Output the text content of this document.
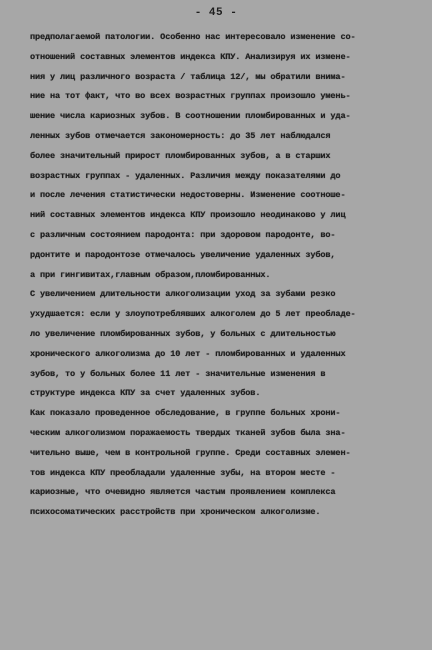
- 45 -
предполагаемой патологии. Особенно нас интересовало изменение со-
отношений составных элементов индекса КПУ. Анализируя их измене-
ния у лиц различного возраста / таблица 12/, мы обратили внима-
ние на тот факт, что во всех возрастных группах произошло умень-
шение числа кариозных зубов. В соотношении пломбированных и уда-
ленных зубов отмечается закономерность: до 35 лет наблюдался
более значительный прирост пломбированных зубов, а в старших
возрастных группах - удаленных. Различия между показателями до
и после лечения статистически недостоверны. Изменение соотноше-
ний составных элементов индекса КПУ произошло неодинаково у лиц
с различным состоянием пародонта: при здоровом пародонте, во-
рдонтите и пародонтозе отмечалось увеличение удаленных зубов,
а при гингивитах,главным образом,пломбированных.
С увеличением длительности алкоголизации уход за зубами резко
ухудшается: если у злоупотреблявших алкоголем до 5 лет преобладе-
ло увеличение пломбированных зубов, у больных с длительностью
хронического алкоголизма до 10 лет - пломбированных и удаленных
зубов, то у больных более 11 лет - значительные изменения в
структуре индекса КПУ за счет удаленных зубов.
Как показало проведенное обследование, в группе больных хрони-
ческим алкоголизмом поражаемость твердых тканей зубов была зна-
чительно выше, чем в контрольной группе. Среди составных элемен-
тов индекса КПУ преобладали удаленные зубы, на втором месте -
кариозные, что очевидно является частым проявлением комплекса
психосоматических расстройств при хроническом алкоголизме.
